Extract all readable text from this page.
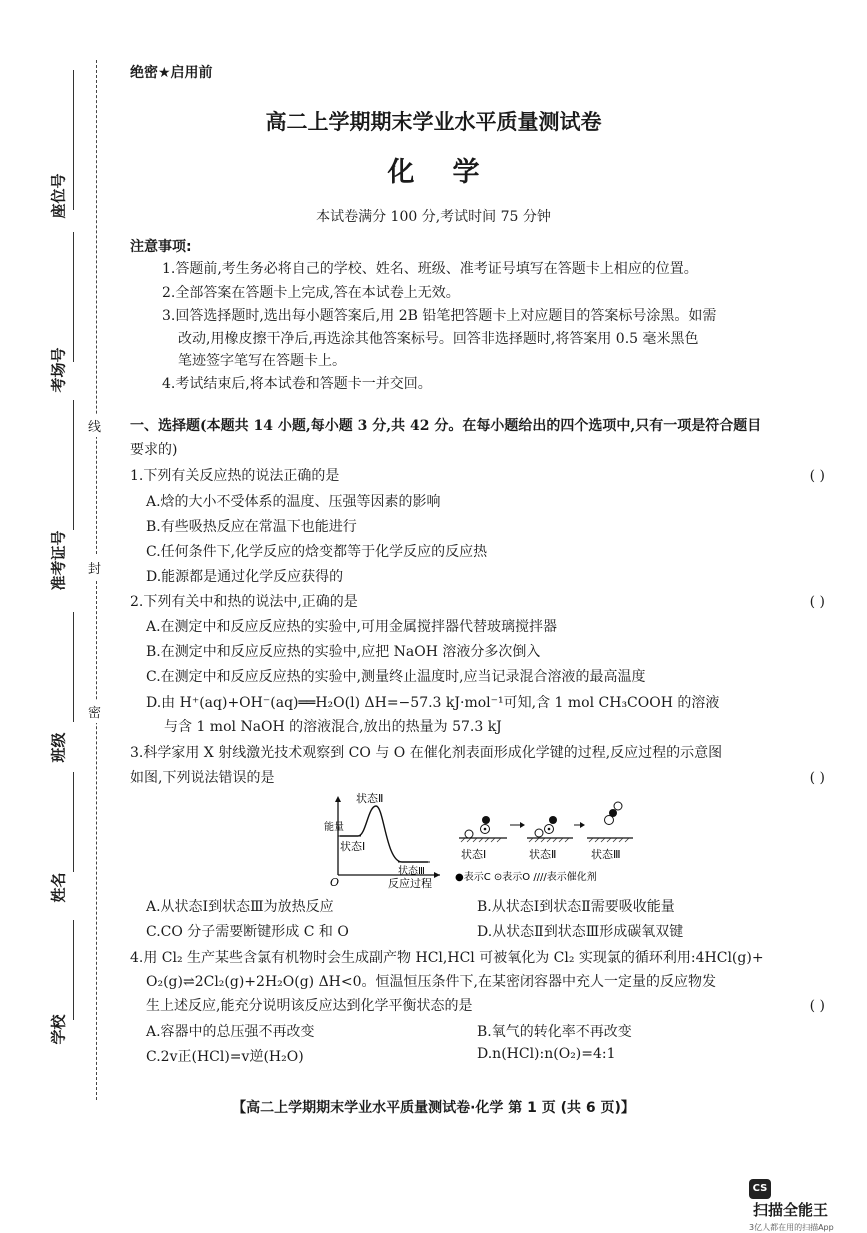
线
封
密
座位号
考场号
准考证号
班级
姓名
学校
绝密★启用前
高二上学期期末学业水平质量测试卷
化学
本试卷满分 100 分,考试时间 75 分钟
注意事项:
1.答题前,考生务必将自己的学校、姓名、班级、准考证号填写在答题卡上相应的位置。
2.全部答案在答题卡上完成,答在本试卷上无效。
3.回答选择题时,选出每小题答案后,用 2B 铅笔把答题卡上对应题目的答案标号涂黑。如需
改动,用橡皮擦干净后,再选涂其他答案标号。回答非选择题时,将答案用 0.5 毫米黑色
笔迹签字笔写在答题卡上。
4.考试结束后,将本试卷和答题卡一并交回。
一、选择题(本题共 14 小题,每小题 3 分,共 42 分。在每小题给出的四个选项中,只有一项是符合题目
要求的)
1.下列有关反应热的说法正确的是	( )
A.焓的大小不受体系的温度、压强等因素的影响
B.有些吸热反应在常温下也能进行
C.任何条件下,化学反应的焓变都等于化学反应的反应热
D.能源都是通过化学反应获得的
2.下列有关中和热的说法中,正确的是	( )
A.在测定中和反应反应热的实验中,可用金属搅拌器代替玻璃搅拌器
B.在测定中和反应反应热的实验中,应把 NaOH 溶液分多次倒入
C.在测定中和反应反应热的实验中,测量终止温度时,应当记录混合溶液的最高温度
D.由 H⁺(aq)+OH⁻(aq)══H₂O(l) ΔH=−57.3 kJ·mol⁻¹可知,含 1 mol CH₃COOH 的溶液
与含 1 mol NaOH 的溶液混合,放出的热量为 57.3 kJ
3.科学家用 X 射线激光技术观察到 CO 与 O 在催化剂表面形成化学键的过程,反应过程的示意图
如图,下列说法错误的是	( )
能量
O
状态Ⅱ
状态Ⅰ
状态Ⅲ
反应过程
状态Ⅰ	状态Ⅱ	状态Ⅲ
●表示C ⊙表示O ////表示催化剂
A.从状态Ⅰ到状态Ⅲ为放热反应	B.从状态Ⅰ到状态Ⅱ需要吸收能量
C.CO 分子需要断键形成 C 和 O	D.从状态Ⅱ到状态Ⅲ形成碳氧双键
4.用 Cl₂ 生产某些含氯有机物时会生成副产物 HCl,HCl 可被氧化为 Cl₂ 实现氯的循环利用:4HCl(g)+
O₂(g)⇌2Cl₂(g)+2H₂O(g) ΔH<0。恒温恒压条件下,在某密闭容器中充人一定量的反应物发
生上述反应,能充分说明该反应达到化学平衡状态的是	( )
A.容器中的总压强不再改变	B.氧气的转化率不再改变
C.2v正(HCl)=v逆(H₂O)	D.n(HCl):n(O₂)=4:1
【高二上学期期末学业水平质量测试卷·化学 第 1 页 (共 6 页)】
CS扫描全能王
3亿人都在用的扫描App
